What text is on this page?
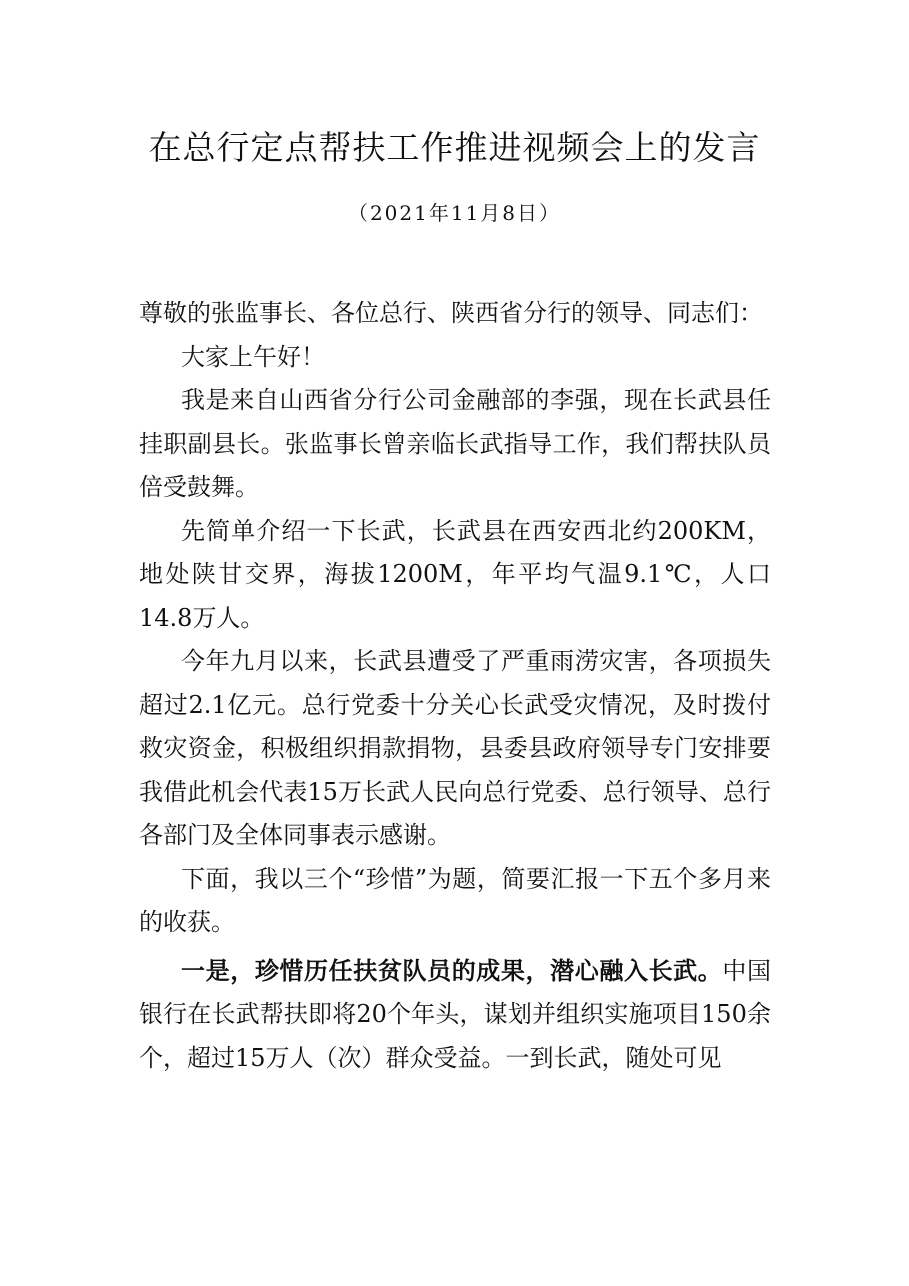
在总行定点帮扶工作推进视频会上的发言
（2021年11月8日）

尊敬的张监事长、各位总行、陕西省分行的领导、同志们：

大家上午好！

我是来自山西省分行公司金融部的李强，现在长武县任挂职副县长。张监事长曾亲临长武指导工作，我们帮扶队员倍受鼓舞。

先简单介绍一下长武，长武县在西安西北约200KM，地处陕甘交界，海拔1200M，年平均气温9.1℃，人口14.8万人。

今年九月以来，长武县遭受了严重雨涝灾害，各项损失超过2.1亿元。总行党委十分关心长武受灾情况，及时拨付救灾资金，积极组织捐款捐物，县委县政府领导专门安排要我借此机会代表15万长武人民向总行党委、总行领导、总行各部门及全体同事表示感谢。

下面，我以三个“珍惜”为题，简要汇报一下五个多月来的收获。

一是，珍惜历任扶贫队员的成果，潜心融入长武。中国银行在长武帮扶即将20个年头，谋划并组织实施项目150余个，超过15万人（次）群众受益。一到长武，随处可见
